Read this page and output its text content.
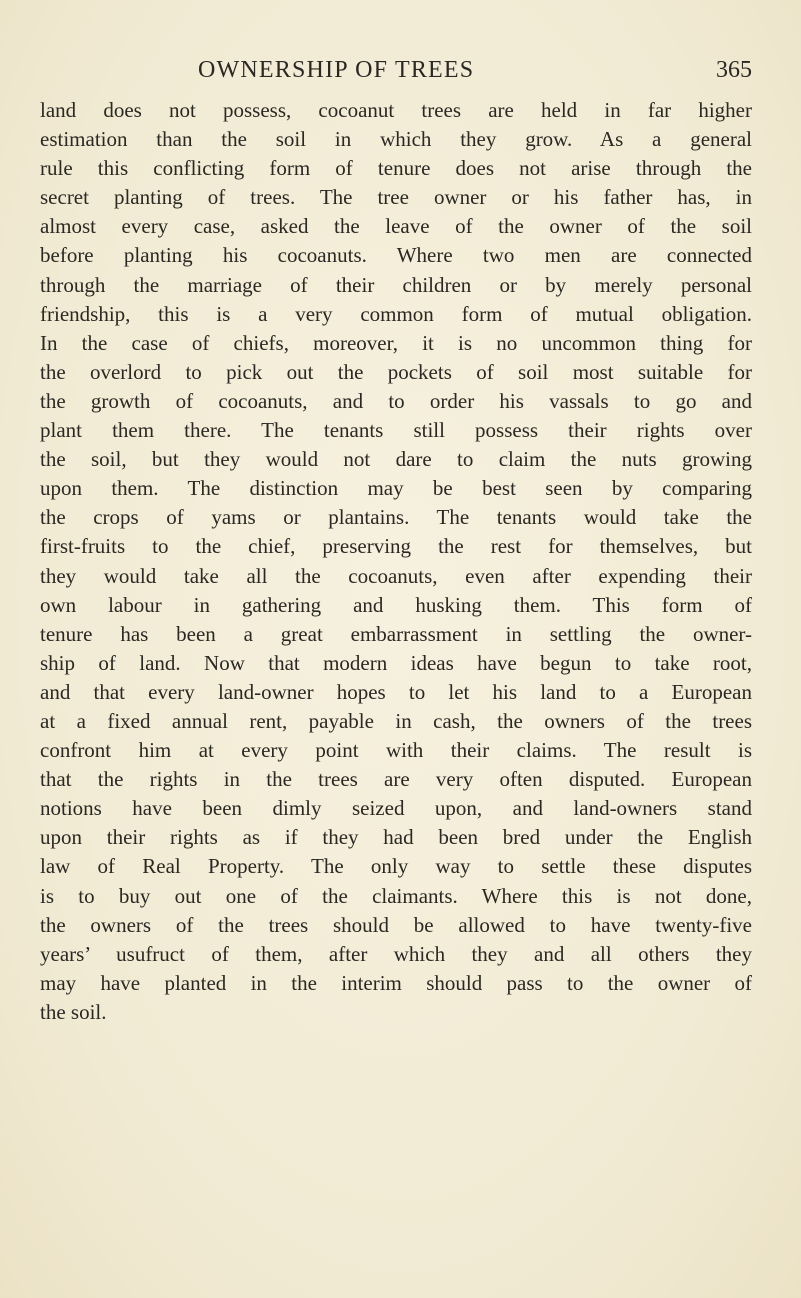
OWNERSHIP OF TREES	365
land does not possess, cocoanut trees are held in far higher
estimation than the soil in which they grow. As a general
rule this conflicting form of tenure does not arise through the
secret planting of trees. The tree owner or his father has, in
almost every case, asked the leave of the owner of the soil
before planting his cocoanuts. Where two men are connected
through the marriage of their children or by merely personal
friendship, this is a very common form of mutual obligation.
In the case of chiefs, moreover, it is no uncommon thing for
the overlord to pick out the pockets of soil most suitable for
the growth of cocoanuts, and to order his vassals to go and
plant them there. The tenants still possess their rights over
the soil, but they would not dare to claim the nuts growing
upon them. The distinction may be best seen by comparing
the crops of yams or plantains. The tenants would take the
first-fruits to the chief, preserving the rest for themselves, but
they would take all the cocoanuts, even after expending their
own labour in gathering and husking them. This form of
tenure has been a great embarrassment in settling the owner-
ship of land. Now that modern ideas have begun to take root,
and that every land-owner hopes to let his land to a European
at a fixed annual rent, payable in cash, the owners of the trees
confront him at every point with their claims. The result is
that the rights in the trees are very often disputed. European
notions have been dimly seized upon, and land-owners stand
upon their rights as if they had been bred under the English
law of Real Property. The only way to settle these disputes
is to buy out one of the claimants. Where this is not done,
the owners of the trees should be allowed to have twenty-five
years’ usufruct of them, after which they and all others they
may have planted in the interim should pass to the owner of
the soil.
